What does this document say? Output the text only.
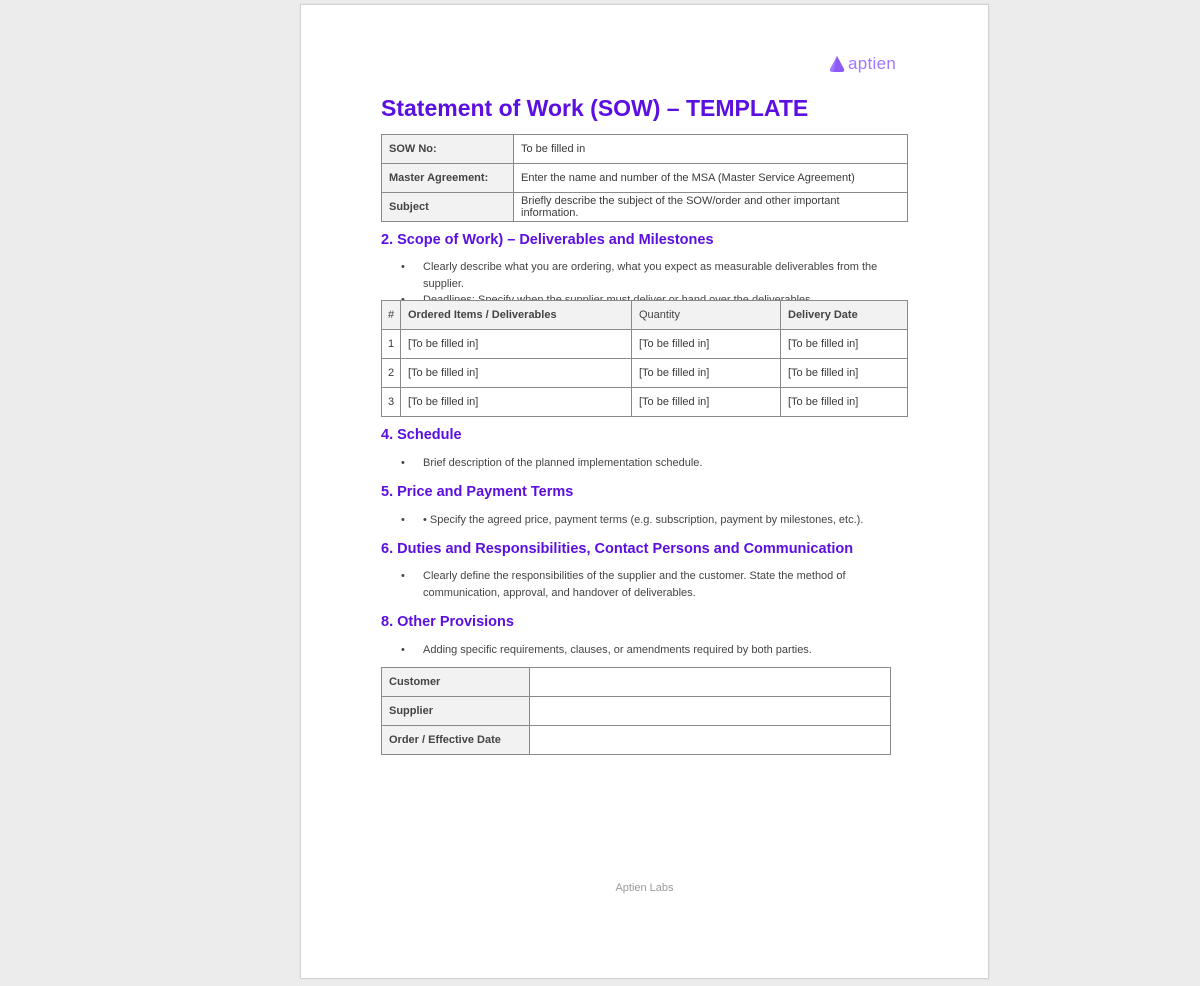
aptien
Statement of Work (SOW) – TEMPLATE
SOW No:	To be filled in
Master Agreement:	Enter the name and number of the MSA (Master Service Agreement)
Subject	Briefly describe the subject of the SOW/order and other important information.
2. Scope of Work) – Deliverables and Milestones
• Clearly describe what you are ordering, what you expect as measurable deliverables from the supplier.
•
#	Ordered Items / Deliverables	Quantity	Delivery Date
1	[To be filled in]	[To be filled in]	[To be filled in]
2	[To be filled in]	[To be filled in]	[To be filled in]
3	[To be filled in]	[To be filled in]	[To be filled in]
4. Schedule
• Brief description of the planned implementation schedule.
5. Price and Payment Terms
• • Specify the agreed price, payment terms (e.g. subscription, payment by milestones, etc.).
6. Duties and Responsibilities, Contact Persons and Communication
• Clearly define the responsibilities of the supplier and the customer. State the method of communication, approval, and handover of deliverables.
8. Other Provisions
• Adding specific requirements, clauses, or amendments required by both parties.
Customer	
Supplier	
Order / Effective Date	
Aptien Labs
